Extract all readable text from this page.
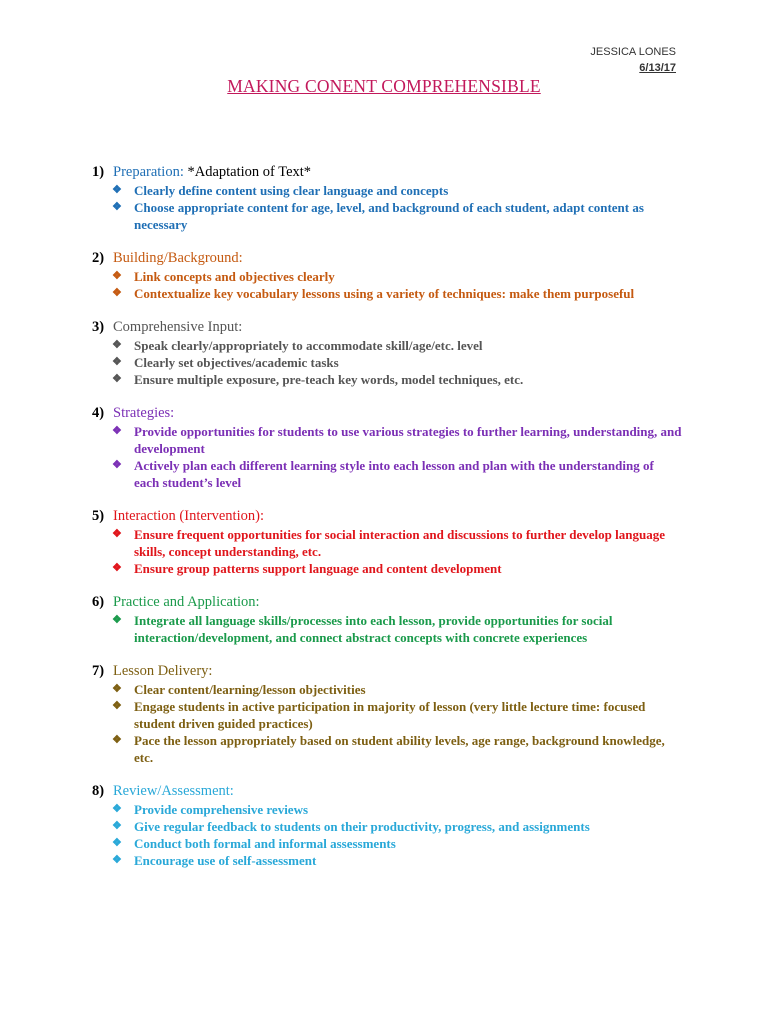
JESSICA LONES
6/13/17
MAKING CONENT COMPREHENSIBLE
1) Preparation: *Adaptation of Text*
❖ Clearly define content using clear language and concepts
❖ Choose appropriate content for age, level, and background of each student, adapt content as necessary
2) Building/Background:
❖ Link concepts and objectives clearly
❖ Contextualize key vocabulary lessons using a variety of techniques: make them purposeful
3) Comprehensive Input:
❖ Speak clearly/appropriately to accommodate skill/age/etc. level
❖ Clearly set objectives/academic tasks
❖ Ensure multiple exposure, pre-teach key words, model techniques, etc.
4) Strategies:
❖ Provide opportunities for students to use various strategies to further learning, understanding, and development
❖ Actively plan each different learning style into each lesson and plan with the understanding of each student’s level
5) Interaction (Intervention):
❖ Ensure frequent opportunities for social interaction and discussions to further develop language skills, concept understanding, etc.
❖ Ensure group patterns support language and content development
6) Practice and Application:
❖ Integrate all language skills/processes into each lesson, provide opportunities for social interaction/development, and connect abstract concepts with concrete experiences
7) Lesson Delivery:
❖ Clear content/learning/lesson objectivities
❖ Engage students in active participation in majority of lesson (very little lecture time: focused student driven guided practices)
❖ Pace the lesson appropriately based on student ability levels, age range, background knowledge, etc.
8) Review/Assessment:
❖ Provide comprehensive reviews
❖ Give regular feedback to students on their productivity, progress, and assignments
❖ Conduct both formal and informal assessments
❖ Encourage use of self-assessment
